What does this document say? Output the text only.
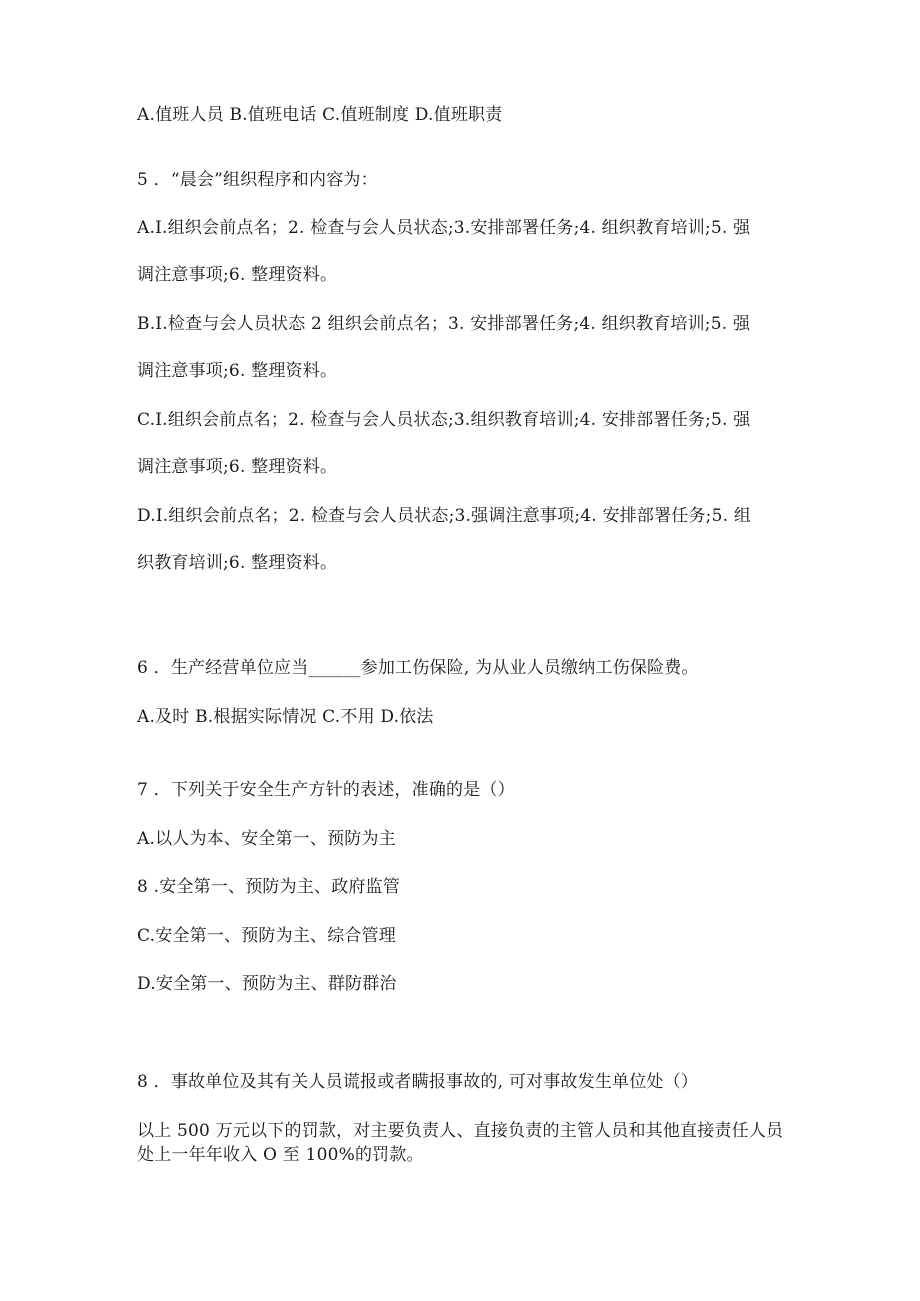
A.值班人员 B.值班电话 C.值班制度 D.值班职责
5 ．“晨会”组织程序和内容为：
A.I.组织会前点名；2. 检查与会人员状态;3.安排部署任务;4. 组织教育培训;5. 强
调注意事项;6. 整理资料。
B.I.检查与会人员状态 2 组织会前点名；3. 安排部署任务;4. 组织教育培训;5. 强
调注意事项;6. 整理资料。
C.I.组织会前点名；2. 检查与会人员状态;3.组织教育培训;4. 安排部署任务;5. 强
调注意事项;6. 整理资料。
D.I.组织会前点名；2. 检查与会人员状态;3.强调注意事项;4. 安排部署任务;5. 组
织教育培训;6. 整理资料。
6 ．生产经营单位应当______参加工伤保险, 为从业人员缴纳工伤保险费。
A.及时 B.根据实际情况 C.不用 D.依法
7 ．下列关于安全生产方针的表述，准确的是（）
A.以人为本、安全第一、预防为主
8 .安全第一、预防为主、政府监管
C.安全第一、预防为主、综合管理
D.安全第一、预防为主、群防群治
8 ．事故单位及其有关人员谎报或者瞒报事故的, 可对事故发生单位处（）
以上 500 万元以下的罚款，对主要负责人、直接负责的主管人员和其他直接责任人员处上一年年收入 O 至 100%的罚款。
